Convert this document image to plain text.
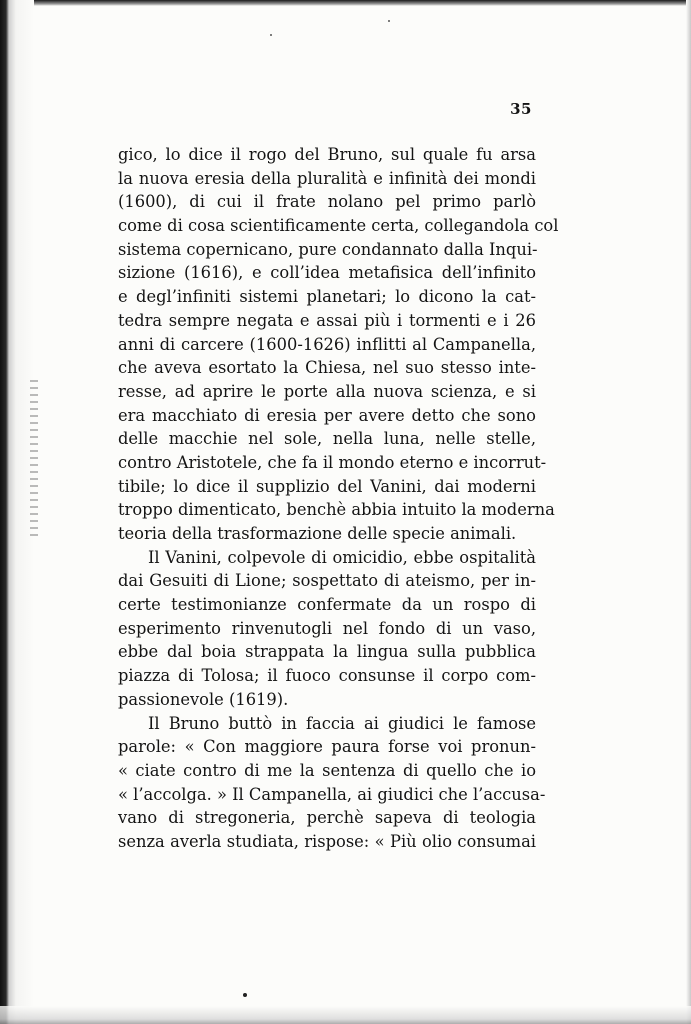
35
gico, lo dice il rogo del Bruno, sul quale fu arsa
la nuova eresia della pluralità e infinità dei mondi
(1600), di cui il frate nolano pel primo parlò
come di cosa scientificamente certa, collegandola col
sistema copernicano, pure condannato dalla Inqui-
sizione (1616), e coll’idea metafisica dell’infinito
e degl’infiniti sistemi planetari; lo dicono la cat-
tedra sempre negata e assai più i tormenti e i 26
anni di carcere (1600-1626) inflitti al Campanella,
che aveva esortato la Chiesa, nel suo stesso inte-
resse, ad aprire le porte alla nuova scienza, e si
era macchiato di eresia per avere detto che sono
delle macchie nel sole, nella luna, nelle stelle,
contro Aristotele, che fa il mondo eterno e incorrut-
tibile; lo dice il supplizio del Vanini, dai moderni
troppo dimenticato, benchè abbia intuito la moderna
teoria della trasformazione delle specie animali.
Il Vanini, colpevole di omicidio, ebbe ospitalità
dai Gesuiti di Lione; sospettato di ateismo, per in-
certe testimonianze confermate da un rospo di
esperimento rinvenutogli nel fondo di un vaso,
ebbe dal boia strappata la lingua sulla pubblica
piazza di Tolosa; il fuoco consunse il corpo com-
passionevole (1619).
Il Bruno buttò in faccia ai giudici le famose
parole: « Con maggiore paura forse voi pronun-
« ciate contro di me la sentenza di quello che io
« l’accolga. » Il Campanella, ai giudici che l’accusa-
vano di stregoneria, perchè sapeva di teologia
senza averla studiata, rispose: « Più olio consumai
